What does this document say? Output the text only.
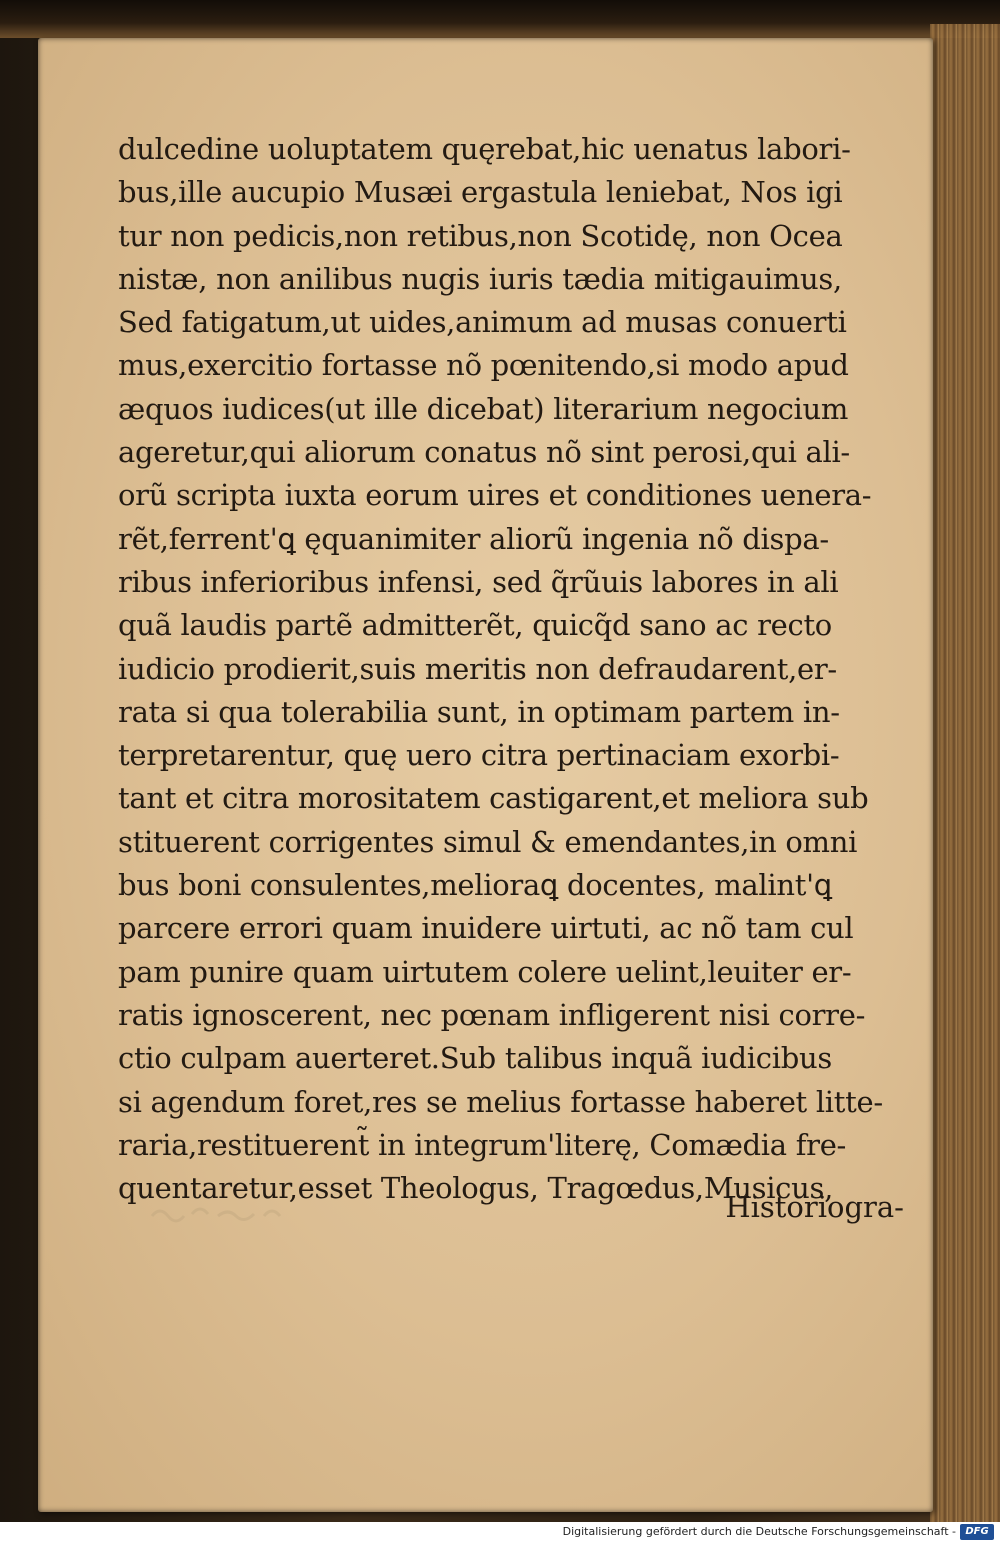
dulcedine uoluptatem quęrebat,hic uenatus labori-
bus,ille aucupio Musæi ergastula leniebat, Nos igi
tur non pedicis,non retibus,non Scotidę, non Ocea
nistæ, non anilibus nugis iuris tædia mitigauimus,
Sed fatigatum,ut uides,animum ad musas conuerti
mus,exercitio fortasse nõ pœnitendo,si modo apud
æquos iudices(ut ille dicebat) literarium negocium
ageretur,qui aliorum conatus nõ sint perosi,qui ali-
orũ scripta iuxta eorum uires et conditiones uenera-
rẽt,ferrent'ꝗ ęquanimiter aliorũ ingenia nõ dispa-
ribus inferioribus infensi, sed q̃rũuis labores in ali
quã laudis partẽ admitterẽt, quicq̃d sano ac recto
iudicio prodierit,suis meritis non defraudarent,er-
rata si qua tolerabilia sunt, in optimam partem in-
terpretarentur, quę uero citra pertinaciam exorbi-
tant et citra morositatem castigarent,et meliora sub
stituerent corrigentes simul & emendantes,in omni
bus boni consulentes,melioraꝗ docentes, malint'ꝗ
parcere errori quam inuidere uirtuti, ac nõ tam cul
pam punire quam uirtutem colere uelint,leuiter er-
ratis ignoscerent, nec pœnam infligerent nisi corre-
ctio culpam auerteret.Sub talibus inquã iudicibus
si agendum foret,res se melius fortasse haberet litte-
raria,restituerent̃ in integrum'literę, Comædia fre-
quentaretur,esset Theologus, Tragœdus,Musicus,
Historiogra-
Digitalisierung gefördert durch die Deutsche Forschungsgemeinschaft - DFG
